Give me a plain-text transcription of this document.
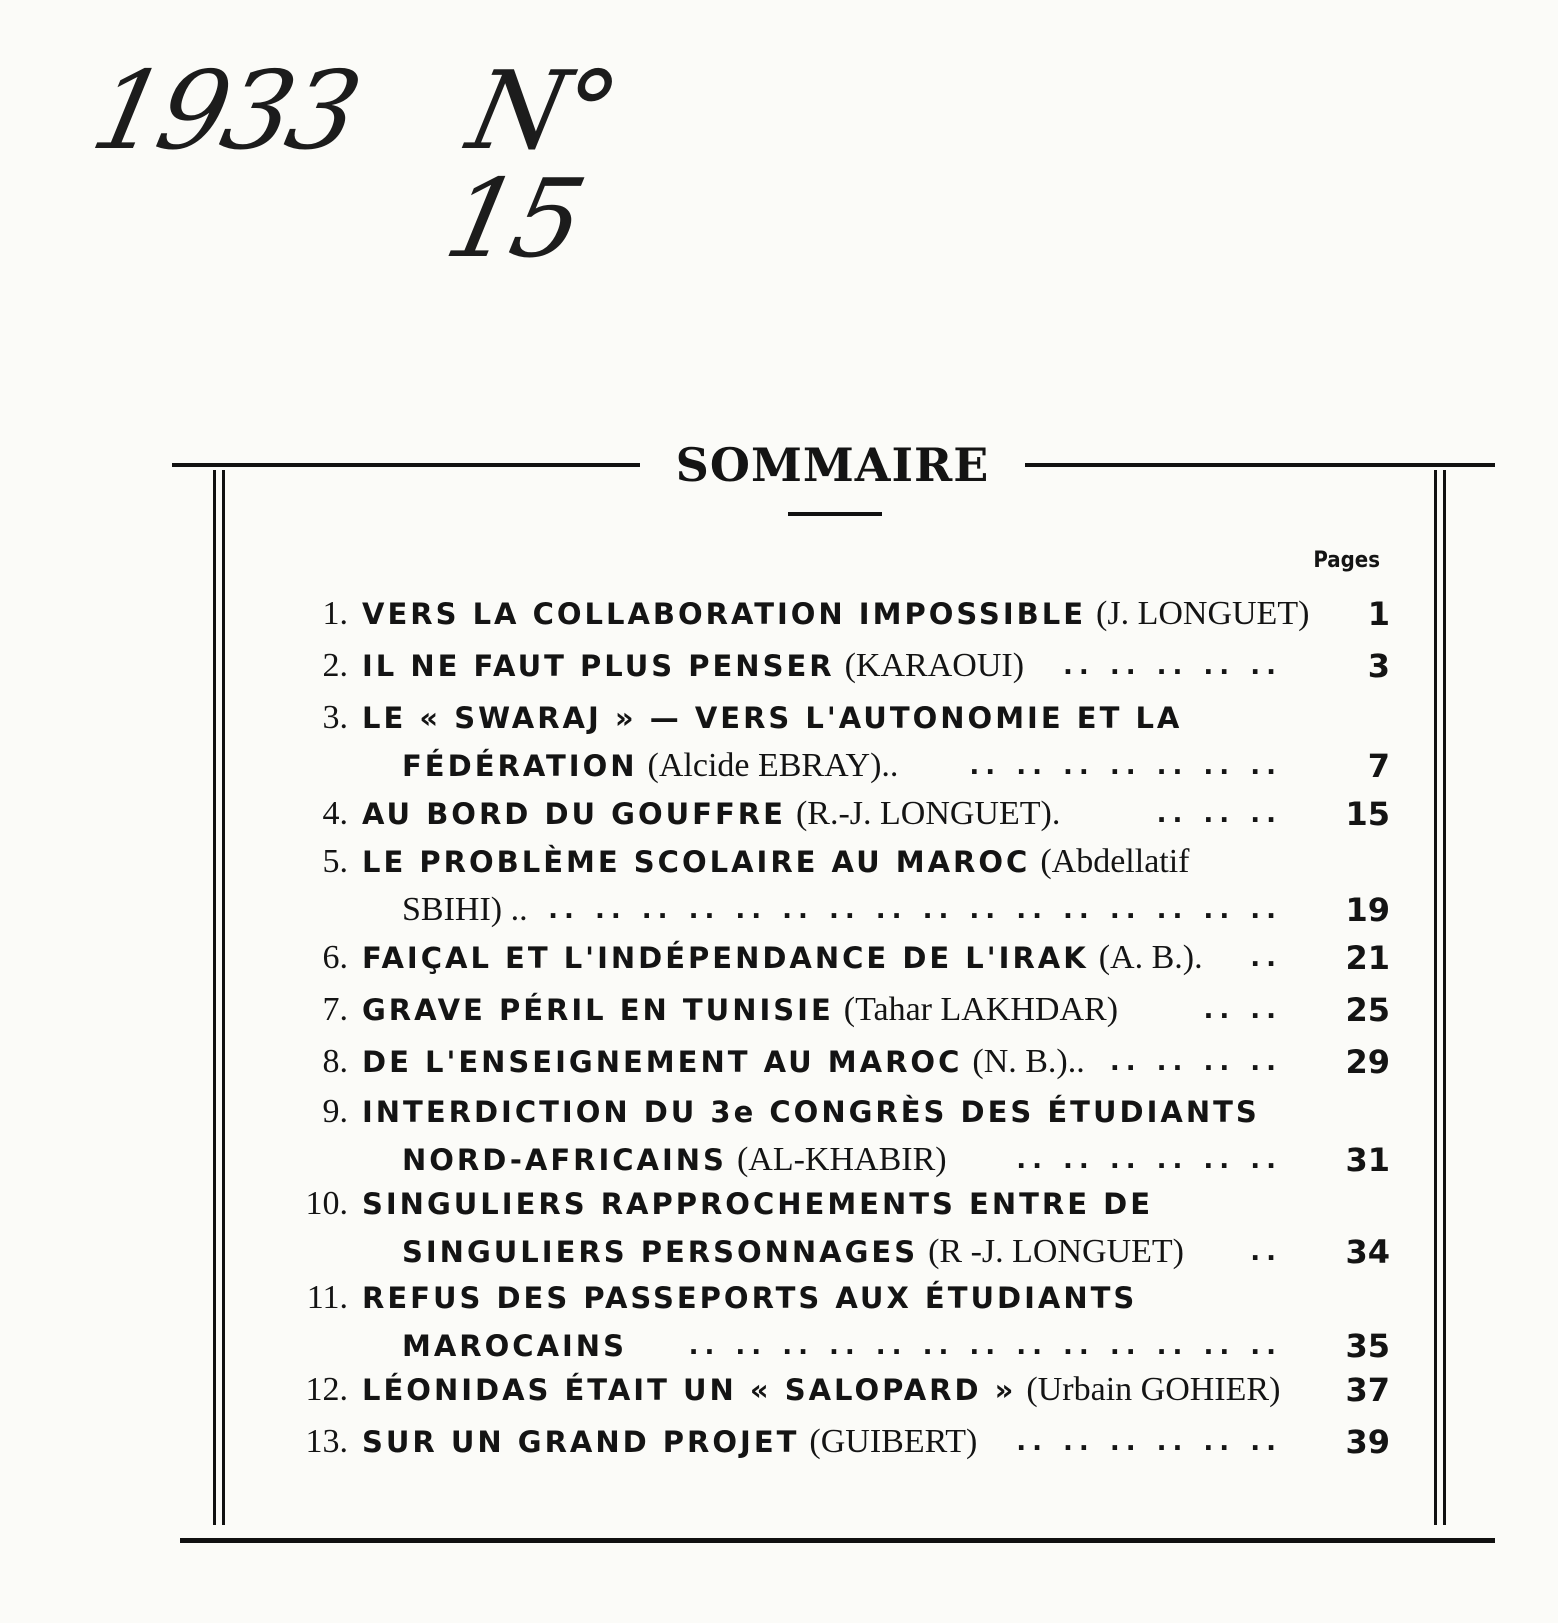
1933 N° 15
SOMMAIRE
Pages
1. VERS LA COLLABORATION IMPOSSIBLE (J. LONGUET)	1
2. IL NE FAUT PLUS PENSER (KARAOUI)	.. .. .. .. ..	3
3. LE « SWARAJ » — VERS L'AUTONOMIE ET LA
FÉDÉRATION (Alcide EBRAY)..	.. .. .. .. .. .. ..	7
4. AU BORD DU GOUFFRE (R.-J. LONGUET).	.. .. ..	15
5. LE PROBLÈME SCOLAIRE AU MAROC (Abdellatif
SBIHI) .. .. .. .. .. .. .. .. .. .. .. .. .. .. .. .. ..	19
6. FAIÇAL ET L'INDÉPENDANCE DE L'IRAK (A. B.).	..	21
7. GRAVE PÉRIL EN TUNISIE (Tahar LAKHDAR)	.. ..	25
8. DE L'ENSEIGNEMENT AU MAROC (N. B.).. .. .. .. ..	29
9. INTERDICTION DU 3e CONGRÈS DES ÉTUDIANTS
NORD-AFRICAINS (AL-KHABIR)	.. .. .. .. .. ..	31
10. SINGULIERS RAPPROCHEMENTS ENTRE DE
SINGULIERS PERSONNAGES (R -J. LONGUET)	..	34
11. REFUS DES PASSEPORTS AUX ÉTUDIANTS
MAROCAINS	.. .. .. .. .. .. .. .. .. .. .. .. ..	35
12. LÉONIDAS ÉTAIT UN « SALOPARD » (Urbain GOHIER)	37
13. SUR UN GRAND PROJET (GUIBERT)	.. .. .. .. .. ..	39
